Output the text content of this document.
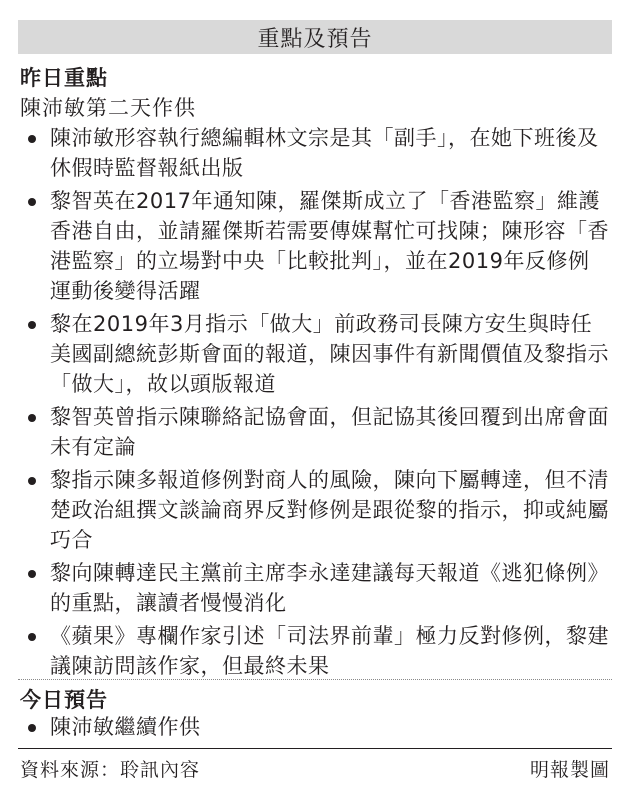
重點及預告
昨日重點
陳沛敏第二天作供
陳沛敏形容執行總編輯林文宗是其「副手」，在她下班後及休假時監督報紙出版
黎智英在2017年通知陳，羅傑斯成立了「香港監察」維護香港自由，並請羅傑斯若需要傳媒幫忙可找陳；陳形容「香港監察」的立場對中央「比較批判」，並在2019年反修例運動後變得活躍
黎在2019年3月指示「做大」前政務司長陳方安生與時任美國副總統彭斯會面的報道，陳因事件有新聞價值及黎指示「做大」，故以頭版報道
黎智英曾指示陳聯絡記協會面，但記協其後回覆到出席會面未有定論
黎指示陳多報道修例對商人的風險，陳向下屬轉達，但不清楚政治組撰文談論商界反對修例是跟從黎的指示，抑或純屬巧合
黎向陳轉達民主黨前主席李永達建議每天報道《逃犯條例》的重點，讓讀者慢慢消化
《蘋果》專欄作家引述「司法界前輩」極力反對修例，黎建議陳訪問該作家，但最終未果
今日預告
陳沛敏繼續作供
資料來源：聆訊內容	明報製圖
